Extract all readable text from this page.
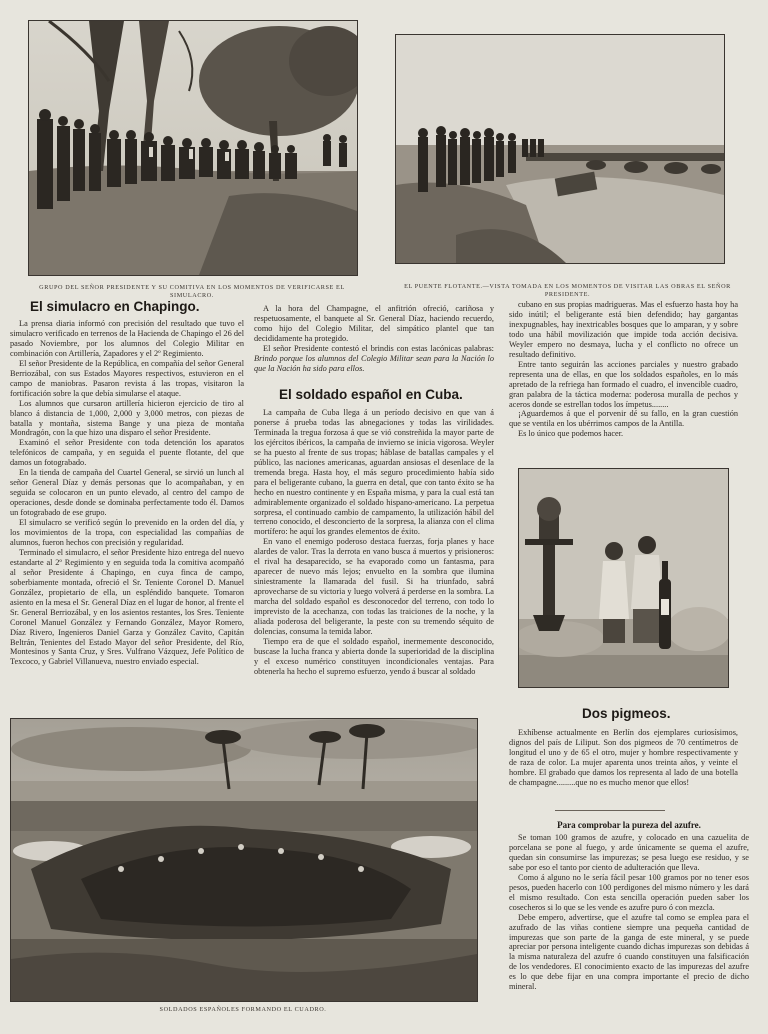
GRUPO DEL SEÑOR PRESIDENTE Y SU COMITIVA EN LOS MOMENTOS DE VERIFICARSE EL SIMULACRO.
EL PUENTE FLOTANTE.—VISTA TOMADA EN LOS MOMENTOS DE VISITAR LAS OBRAS EL SEÑOR PRESIDENTE.
El simulacro en Chapingo.

La prensa diaria informó con precisión del resultado que tuvo el simulacro verificado en terrenos de la Hacienda de Chapingo el 26 del pasado Noviembre, por los alumnos del Colegio Militar en combinación con Artillería, Zapadores y el 2º Regimiento.

El señor Presidente de la República, en compañía del señor General Berriozábal, con sus Estados Mayores respectivos, estuvieron en el campo de maniobras. Pasaron revista á las tropas, visitaron la fortificación sobre la que debía simularse el ataque.

Los alumnos que cursaron artillería hicieron ejercicio de tiro al blanco á distancia de 1,000, 2,000 y 3,000 metros, con piezas de batalla y montaña, sistema Bange y una pieza de montaña Mondragón, con la que hizo una disparo el señor Presidente.

Examinó el señor Presidente con toda detención los aparatos telefónicos de campaña, y en seguida el puente flotante, del que damos un fotograbado.

En la tienda de campaña del Cuartel General, se sirvió un lunch al señor General Díaz y demás personas que lo acompañaban, y en seguida se colocaron en un punto elevado, al centro del campo de operaciones, desde donde se dominaba perfectamente todo él. Damos un fotograbado de ese grupo.

El simulacro se verificó según lo prevenido en la orden del día, y los movimientos de la tropa, con especialidad las compañías de alumnos, fueron hechos con precisión y regularidad.

Terminado el simulacro, el señor Presidente hizo entrega del nuevo estandarte al 2º Regimiento y en seguida toda la comitiva acompañó al señor Presidente á Chapingo, en cuya finca de campo, soberbiamente montada, ofreció el Sr. Teniente Coronel D. Manuel González, propietario de ella, un espléndido banquete. Tomaron asiento en la mesa el Sr. General Díaz en el lugar de honor, al frente el Sr. General Berriozábal, y en los asientos restantes, los Sres. Teniente Coronel Manuel González y Fernando González, Mayor Romero, Díaz Rivero, Ingenieros Daniel Garza y González Cavito, Capitán Beltrán, Tenientes del Estado Mayor del señor Presidente, del Río, Montesinos y Santa Cruz, y Sres. Vulfrano Vázquez, Jefe Político de Texcoco, y Gabriel Villanueva, nuestro enviado especial.

A la hora del Champagne, el anfitrión ofreció, cariñosa y respetuosamente, el banquete al Sr. General Díaz, haciendo recuerdo, como hijo del Colegio Militar, del simpático plantel que tan decididamente ha protegido.

El señor Presidente contestó el brindis con estas lacónicas palabras: Brindo porque los alumnos del Colegio Militar sean para la Nación lo que la Nación ha sido para ellos.

El soldado español en Cuba.

La campaña de Cuba llega á un período decisivo en que van á ponerse á prueba todas las abnegaciones y todas las virilidades. Terminada la tregua forzosa á que se vió constreñida la mayor parte de los ejércitos ibéricos, la campaña de invierno se inicia vigorosa. Weyler se ha puesto al frente de sus tropas; háblase de batallas campales y el público, las naciones americanas, aguardan ansiosas el desenlace de la tremenda brega. Hasta hoy, el más seguro procedimiento había sido para el beligerante cubano, la guerra en detal, que con tanto éxito se ha hecho en nuestro continente y en España misma, y para la cual está tan admirablemente organizado el soldado hispano-americano. La perpetua sorpresa, el continuado cambio de campamento, la utilización hábil del terreno conocido, el desconcierto de la sorpresa, la alianza con el clima mortífero: he aquí los grandes elementos de éxito.

En vano el enemigo poderoso destaca fuerzas, forja planes y hace alardes de valor. Tras la derrota en vano busca á muertos y prisioneros: el rival ha desaparecido, se ha evaporado como un fantasma, para aparecer de nuevo más lejos; envuelto en la sombra que ilumina siniestramente la llamarada del fusil. Si ha triunfado, sabrá aprovecharse de su victoria y luego volverá á perderse en la sombra. La marcha del soldado español es desconocedor del terreno, con todo lo imprevisto de la acechanza, con todas las traiciones de la noche, y la aliada poderosa del beligerante, la peste con su tremendo séquito de dolencias, consuma la temida labor.

Tiempo era de que el soldado español, inermemente desconocido, buscase la lucha franca y abierta donde la superioridad de la disciplina y el exceso numérico constituyen incondicionales ventajas. Para obtenerla ha hecho el supremo esfuerzo, yendo á buscar al soldado

cubano en sus propias madrigueras. Mas el esfuerzo hasta hoy ha sido inútil; el beligerante está bien defendido; hay gargantas inexpugnables, hay inextricables bosques que lo amparan, y y sobre todo una hábil movilización que impide toda acción decisiva. Weyler empero no desmaya, lucha y el conflicto no ofrece un resultado definitivo.

Entre tanto seguirán las acciones parciales y nuestro grabado representa una de ellas, en que los soldados españoles, en lo más apretado de la refriega han formado el cuadro, el invencible cuadro, gran palabra de la táctica moderna: poderosa muralla de pechos y aceros donde se estrellan todos los ímpetus........

¡Aguardemos á que el porvenir dé su fallo, en la gran cuestión que se ventila en los ubérrimos campos de la Antilla.

Es lo único que podemos hacer.

Dos pigmeos.

Exhíbense actualmente en Berlín dos ejemplares curiosísimos, dignos del país de Liliput. Son dos pigmeos de 70 centímetros de longitud el uno y de 65 el otro, mujer y hombre respectivamente y de raza de color. La mujer aparenta unos treinta años, y veinte el hombre. El grabado que damos los representa al lado de una botella de champagne.........que no es mucho menor que ellos!

Para comprobar la pureza del azufre.

Se toman 100 gramos de azufre, y colocado en una cazuelita de porcelana se pone al fuego, y arde únicamente se quema el azufre, quedan sin consumirse las impurezas; se pesa luego ese residuo, y se sabe por eso el tanto por ciento de adulteración que lleva.

Como á alguno no le sería fácil pesar 100 gramos por no tener esos pesos, pueden hacerlo con 100 perdigones del mismo número y les dará el mismo resultado. Con esta sencilla operación pueden saber los cosecheros si lo que se les vende es azufre puro ó con mezcla.

Debe empero, advertirse, que el azufre tal como se emplea para el azufrado de las viñas contiene siempre una pequeña cantidad de impurezas que son parte de la ganga de este mineral, y se puede apreciar por persona inteligente cuando dichas impurezas son debidas á la misma naturaleza del azufre ó cuando constituyen una falsificación de los vendedores. El conocimiento exacto de las impurezas del azufre es lo que debe fijar en una compra importante el precio de dicho mineral.

SOLDADOS ESPAÑOLES FORMANDO EL CUADRO.
